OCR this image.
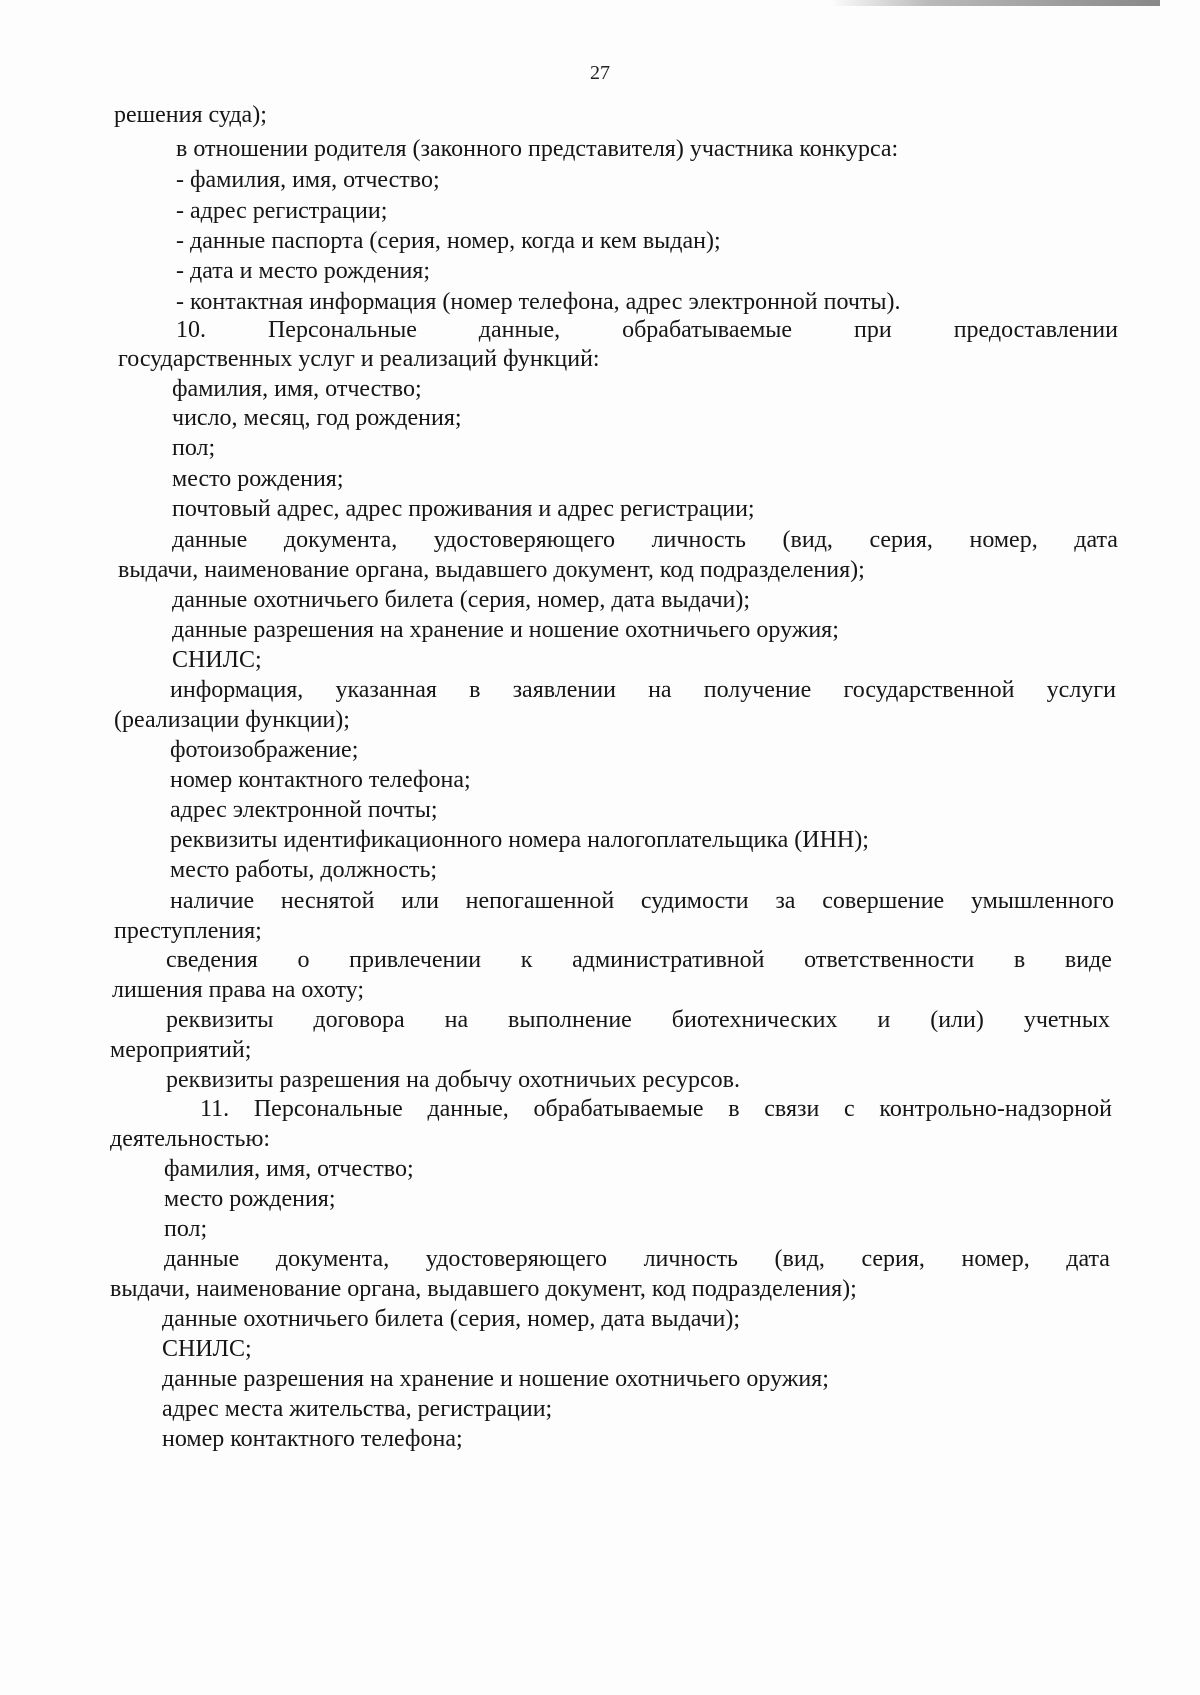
27
решения суда);
в отношении родителя (законного представителя) участника конкурса:
- фамилия, имя, отчество;
- адрес регистрации;
- данные паспорта (серия, номер, когда и кем выдан);
- дата и место рождения;
- контактная информация (номер телефона, адрес электронной почты).
10.	Персональные	данные,	обрабатываемые	при	предоставлении
государственных услуг и реализаций функций:
фамилия, имя, отчество;
число, месяц, год рождения;
пол;
место рождения;
почтовый адрес, адрес проживания и адрес регистрации;
данные документа, удостоверяющего личность (вид, серия, номер, дата
выдачи, наименование органа, выдавшего документ, код подразделения);
данные охотничьего билета (серия, номер, дата выдачи);
данные разрешения на хранение и ношение охотничьего оружия;
СНИЛС;
информация, указанная в заявлении на получение государственной услуги
(реализации функции);
фотоизображение;
номер контактного телефона;
адрес электронной почты;
реквизиты идентификационного номера налогоплательщика (ИНН);
место работы, должность;
наличие неснятой или непогашенной судимости за совершение умышленного
преступления;
сведения о привлечении к административной ответственности в виде
лишения права на охоту;
реквизиты договора на выполнение биотехнических и (или) учетных
мероприятий;
реквизиты разрешения на добычу охотничьих ресурсов.
11. Персональные данные, обрабатываемые в связи с контрольно-надзорной
деятельностью:
фамилия, имя, отчество;
место рождения;
пол;
данные документа, удостоверяющего личность (вид, серия, номер, дата
выдачи, наименование органа, выдавшего документ, код подразделения);
данные охотничьего билета (серия, номер, дата выдачи);
СНИЛС;
данные разрешения на хранение и ношение охотничьего оружия;
адрес места жительства, регистрации;
номер контактного телефона;
